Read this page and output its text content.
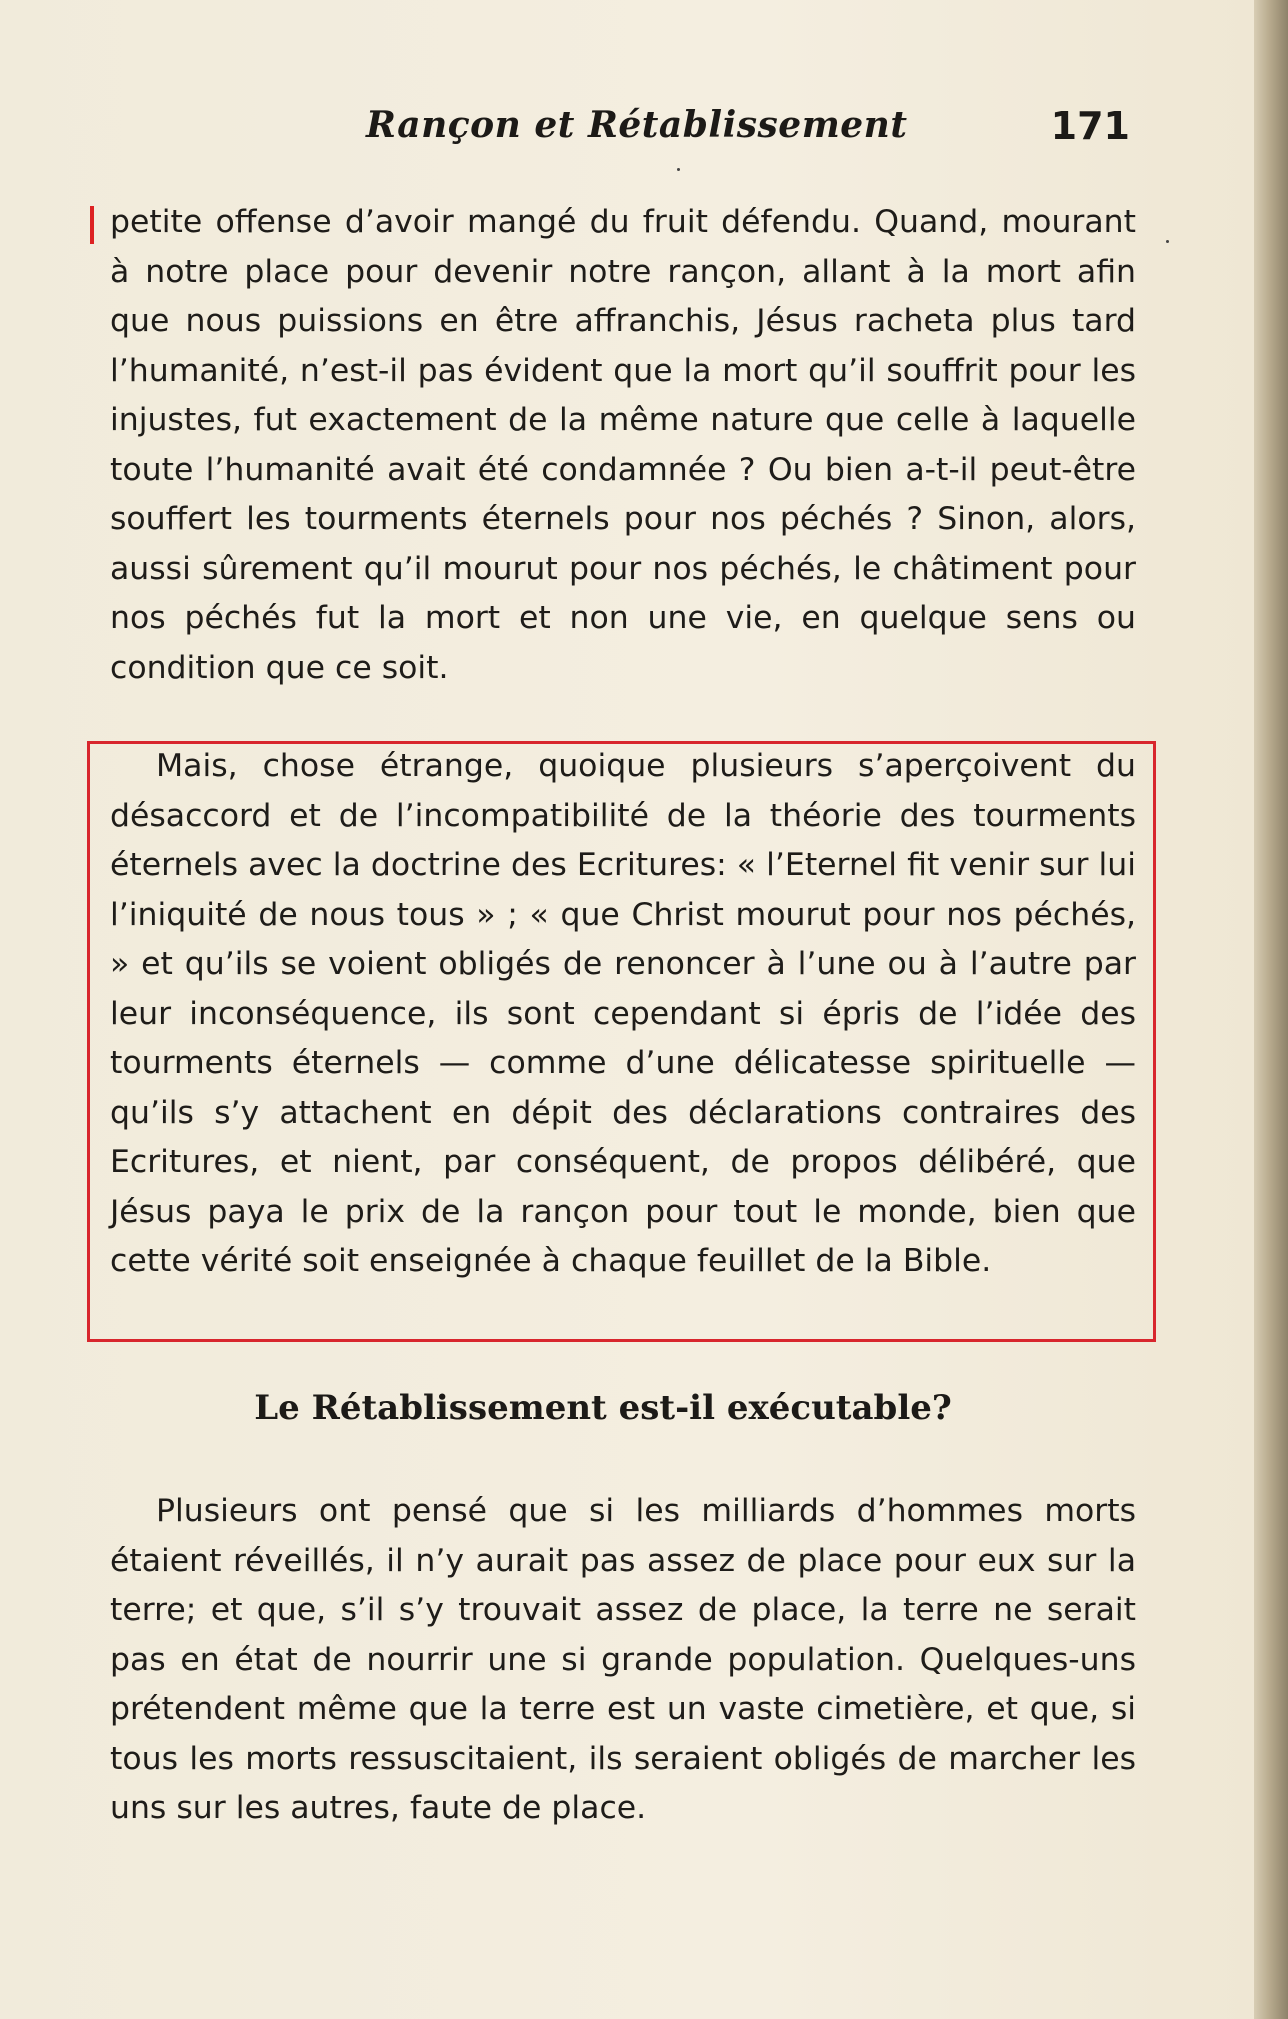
Rançon et Rétablissement	171
petite offense d’avoir mangé du fruit défendu. Quand, mourant à notre place pour devenir notre rançon, allant à la mort afin que nous puissions en être affranchis, Jésus racheta plus tard l’humanité, n’est-il pas évident que la mort qu’il souffrit pour les injustes, fut exactement de la même nature que celle à laquelle toute l’humanité avait été condamnée ? Ou bien a-t-il peut-être souffert les tourments éternels pour nos péchés ? Sinon, alors, aussi sûrement qu’il mourut pour nos péchés, le châtiment pour nos péchés fut la mort et non une vie, en quelque sens ou condition que ce soit.

Mais, chose étrange, quoique plusieurs s’aperçoivent du désaccord et de l’incompatibilité de la théorie des tourments éternels avec la doctrine des Ecritures: « l’Eternel fit venir sur lui l’iniquité de nous tous » ; « que Christ mourut pour nos péchés, » et qu’ils se voient obligés de renoncer à l’une ou à l’autre par leur inconséquence, ils sont cependant si épris de l’idée des tourments éternels — comme d’une délicatesse spirituelle — qu’ils s’y attachent en dépit des déclarations contraires des Ecritures, et nient, par conséquent, de propos délibéré, que Jésus paya le prix de la rançon pour tout le monde, bien que cette vérité soit enseignée à chaque feuillet de la Bible.

Le Rétablissement est-il exécutable?

Plusieurs ont pensé que si les milliards d’hommes morts étaient réveillés, il n’y aurait pas assez de place pour eux sur la terre; et que, s’il s’y trouvait assez de place, la terre ne serait pas en état de nourrir une si grande population. Quelques-uns prétendent même que la terre est un vaste cimetière, et que, si tous les morts ressuscitaient, ils seraient obligés de marcher les uns sur les autres, faute de place.
